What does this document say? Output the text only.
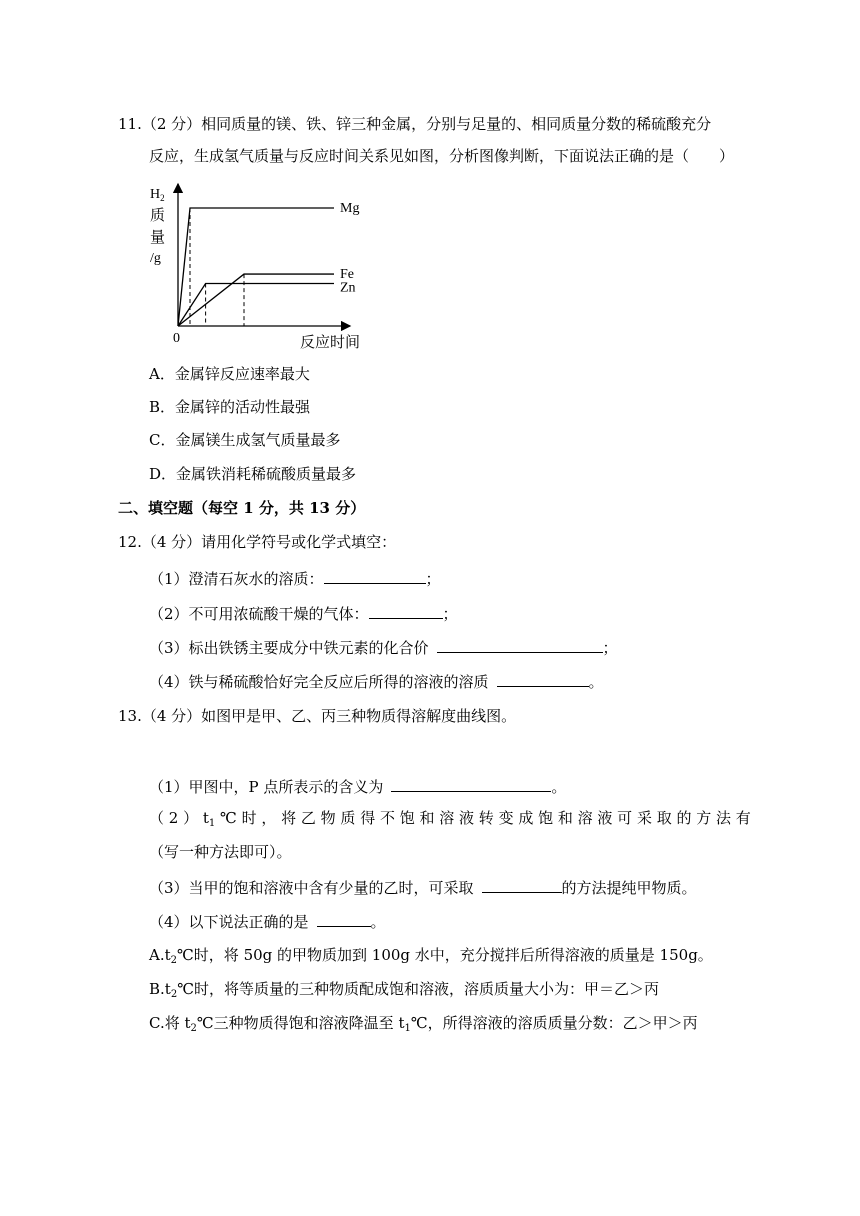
11.（2 分）相同质量的镁、铁、锌三种金属，分别与足量的、相同质量分数的稀硫酸充分
反应，生成氢气质量与反应时间关系见如图，分析图像判断，下面说法正确的是（　　）
$H_2$
质
量
/g
0	反应时间
Mg
Fe
Zn
A．金属锌反应速率最大
B．金属锌的活动性最强
C．金属镁生成氢气质量最多
D．金属铁消耗稀硫酸质量最多
二、填空题（每空 1 分，共 13 分）
12.（4 分）请用化学符号或化学式填空：
（1）澄清石灰水的溶质：	；
（2）不可用浓硫酸干燥的气体：	；
（3）标出铁锈主要成分中铁元素的化合价	；
（4）铁与稀硫酸恰好完全反应后所得的溶液的溶质	。
13.（4 分）如图甲是甲、乙、丙三种物质得溶解度曲线图。
（1）甲图中，P 点所表示的含义为	。
（ 2 ） $t_1$ ℃ 时 ， 将 乙 物 质 得 不 饱 和 溶 液 转 变 成 饱 和 溶 液 可 采 取 的 方 法 有
（写一种方法即可）。
（3）当甲的饱和溶液中含有少量的乙时，可采取	的方法提纯甲物质。
（4）以下说法正确的是	。
$A.t_2℃$时，将 50g 的甲物质加到 100g 水中，充分搅拌后所得溶液的质量是 150g。
$B.t_2℃$时，将等质量的三种物质配成饱和溶液，溶质质量大小为：甲＝乙＞丙
C.将 $t_2℃$三种物质得饱和溶液降温至 $t_1℃$，所得溶液的溶质质量分数：乙＞甲＞丙
